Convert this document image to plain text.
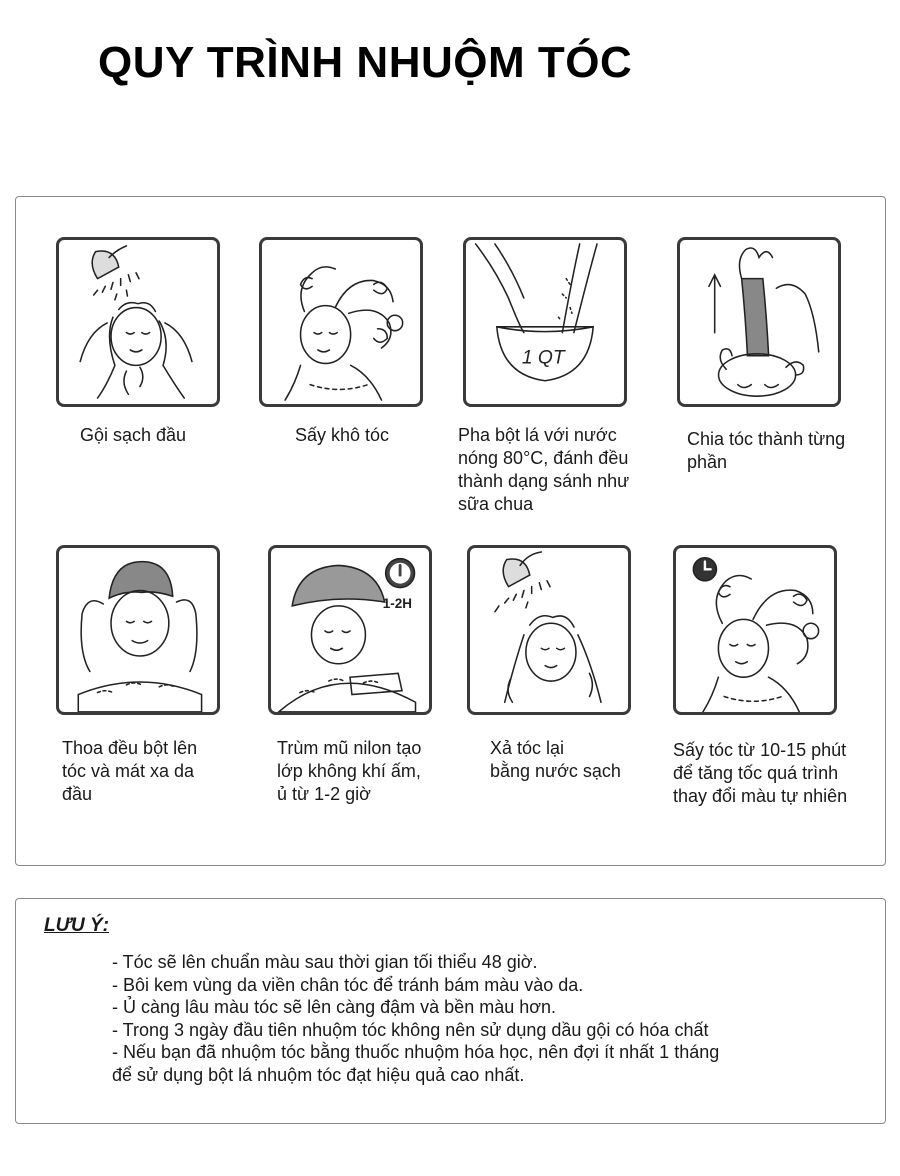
QUY TRÌNH NHUỘM TÓC
Gội sạch đầu	Sấy khô tóc
1 QT
Pha bột lá với nước
nóng 80°C, đánh đều
thành dạng sánh như
sữa chua
Chia tóc thành từng
phần
Thoa đều bột lên
tóc và mát xa da
đầu
1-2H
Trùm mũ nilon tạo
lớp không khí ấm,
ủ từ 1-2 giờ
Xả tóc lại
bằng nước sạch
Sấy tóc từ 10-15 phút
để tăng tốc quá trình
thay đổi màu tự nhiên
LƯU Ý:
- Tóc sẽ lên chuẩn màu sau thời gian tối thiểu 48 giờ.
- Bôi kem vùng da viền chân tóc để tránh bám màu vào da.
- Ủ càng lâu màu tóc sẽ lên càng đậm và bền màu hơn.
- Trong 3 ngày đầu tiên nhuộm tóc không nên sử dụng dầu gội có hóa chất
- Nếu bạn đã nhuộm tóc bằng thuốc nhuộm hóa học, nên đợi ít nhất 1 tháng
để sử dụng bột lá nhuộm tóc đạt hiệu quả cao nhất.
